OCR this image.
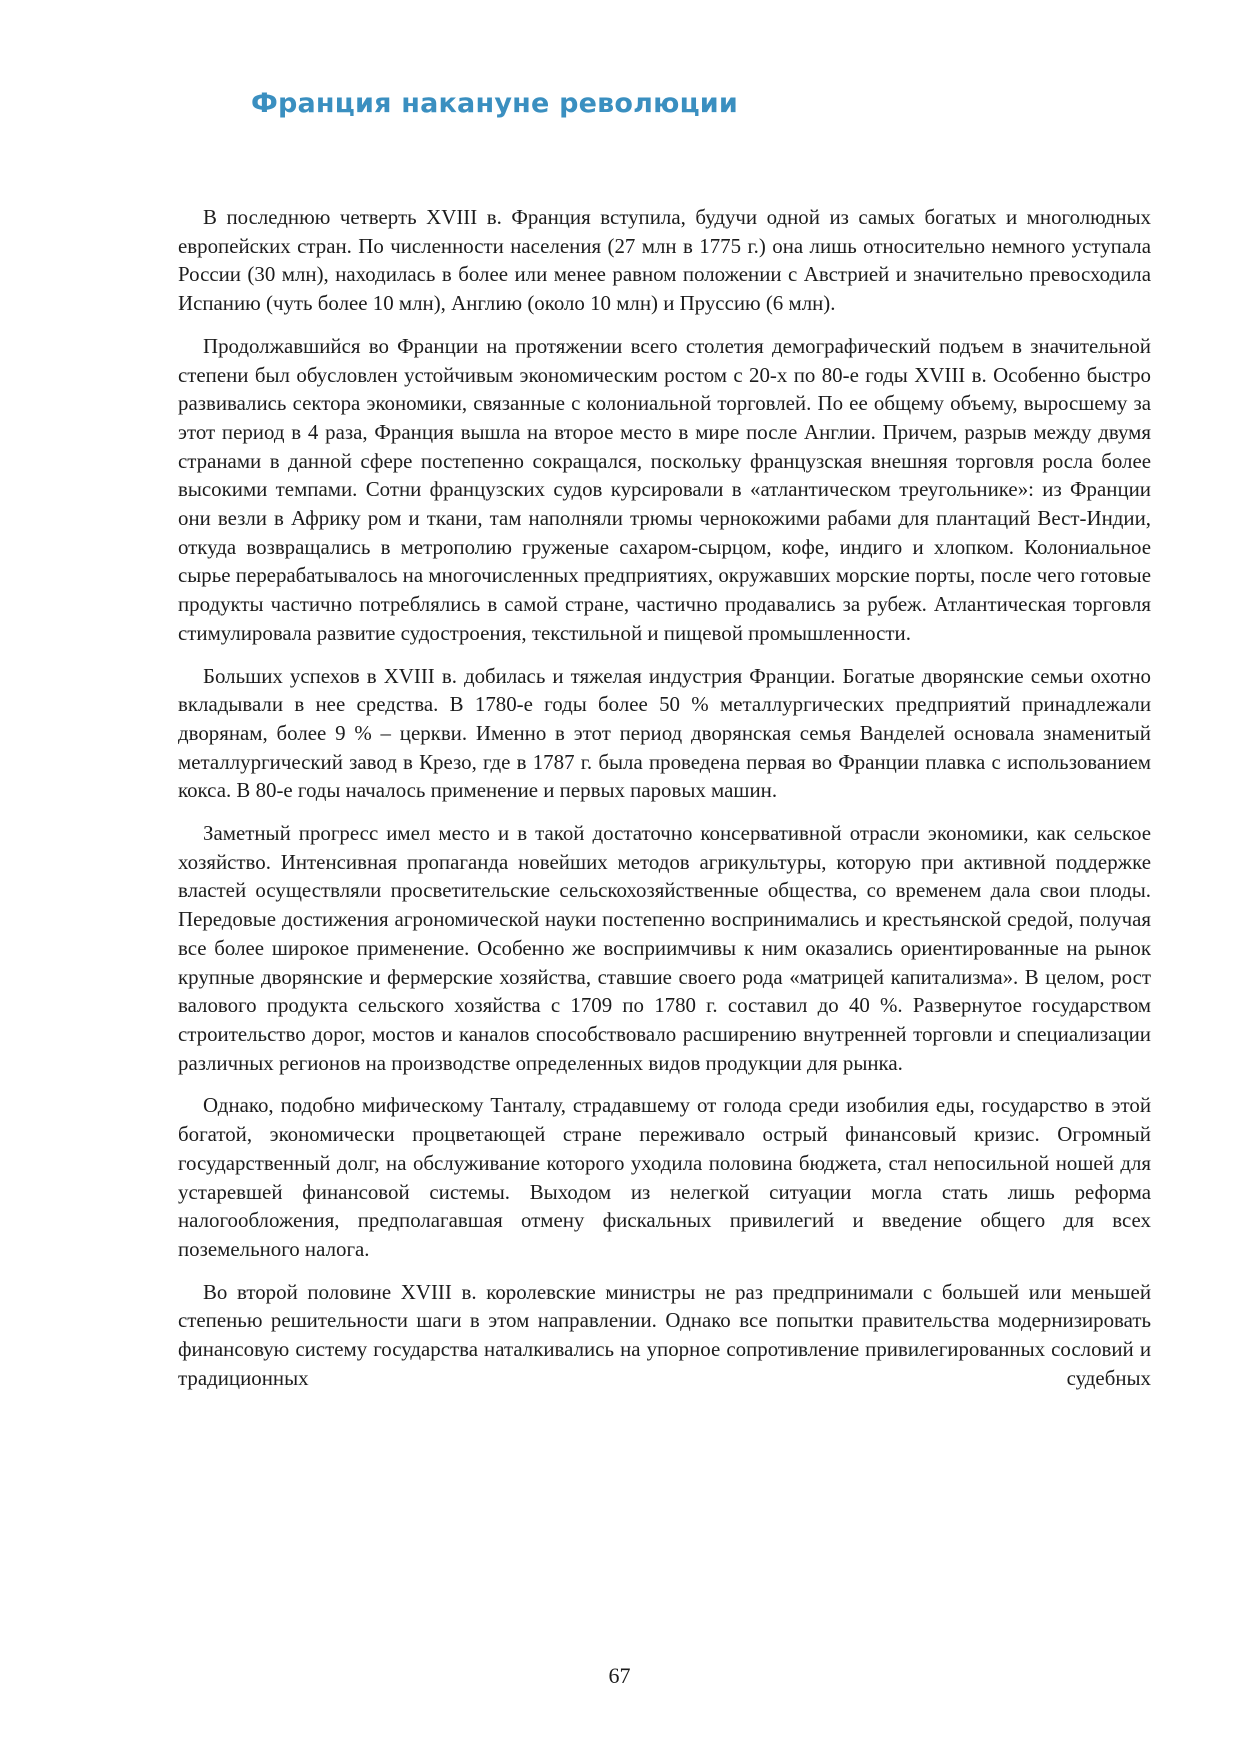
Франция накануне революции

В последнюю четверть XVIII в. Франция вступила, будучи одной из самых богатых и многолюдных европейских стран. По численности населения (27 млн в 1775 г.) она лишь относительно немного уступала России (30 млн), находилась в более или менее равном положении с Австрией и значительно превосходила Испанию (чуть более 10 млн), Англию (около 10 млн) и Пруссию (6 млн).

Продолжавшийся во Франции на протяжении всего столетия демографический подъем в значительной степени был обусловлен устойчивым экономическим ростом с 20-х по 80-е годы XVIII в. Особенно быстро развивались сектора экономики, связанные с колониальной торговлей. По ее общему объему, выросшему за этот период в 4 раза, Франция вышла на второе место в мире после Англии. Причем, разрыв между двумя странами в данной сфере постепенно сокращался, поскольку французская внешняя торговля росла более высокими темпами. Сотни французских судов курсировали в «атлантическом треугольнике»: из Франции они везли в Африку ром и ткани, там наполняли трюмы чернокожими рабами для плантаций Вест-Индии, откуда возвращались в метрополию груженые сахаром-сырцом, кофе, индиго и хлопком. Колониальное сырье перерабатывалось на многочисленных предприятиях, окружавших морские порты, после чего готовые продукты частично потреблялись в самой стране, частично продавались за рубеж. Атлантическая торговля стимулировала развитие судостроения, текстильной и пищевой промышленности.

Больших успехов в XVIII в. добилась и тяжелая индустрия Франции. Богатые дворянские семьи охотно вкладывали в нее средства. В 1780-е годы более 50 % металлургических предприятий принадлежали дворянам, более 9 % – церкви. Именно в этот период дворянская семья Ванделей основала знаменитый металлургический завод в Крезо, где в 1787 г. была проведена первая во Франции плавка с использованием кокса. В 80-е годы началось применение и первых паровых машин.

Заметный прогресс имел место и в такой достаточно консервативной отрасли экономики, как сельское хозяйство. Интенсивная пропаганда новейших методов агрикультуры, которую при активной поддержке властей осуществляли просветительские сельскохозяйственные общества, со временем дала свои плоды. Передовые достижения агрономической науки постепенно воспринимались и крестьянской средой, получая все более широкое применение. Особенно же восприимчивы к ним оказались ориентированные на рынок крупные дворянские и фермерские хозяйства, ставшие своего рода «матрицей капитализма». В целом, рост валового продукта сельского хозяйства с 1709 по 1780 г. составил до 40 %. Развернутое государством строительство дорог, мостов и каналов способствовало расширению внутренней торговли и специализации различных регионов на производстве определенных видов продукции для рынка.

Однако, подобно мифическому Танталу, страдавшему от голода среди изобилия еды, государство в этой богатой, экономически процветающей стране переживало острый финансовый кризис. Огромный государственный долг, на обслуживание которого уходила половина бюджета, стал непосильной ношей для устаревшей финансовой системы. Выходом из нелегкой ситуации могла стать лишь реформа налогообложения, предполагавшая отмену фискальных привилегий и введение общего для всех поземельного налога.

Во второй половине XVIII в. королевские министры не раз предпринимали с большей или меньшей степенью решительности шаги в этом направлении. Однако все попытки правительства модернизировать финансовую систему государства наталкивались на упорное сопротивление привилегированных сословий и традиционных судебных

67
